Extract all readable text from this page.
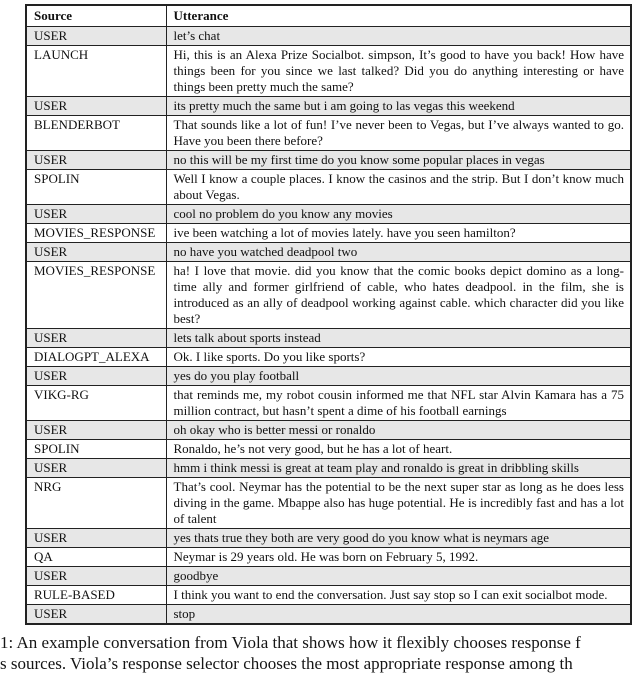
Source	Utterance
USER	let’s chat
LAUNCH	Hi, this is an Alexa Prize Socialbot. simpson, It’s good to have you back! How have things been for you since we last talked? Did you do anything interesting or have things been pretty much the same?
USER	its pretty much the same but i am going to las vegas this weekend
BLENDERBOT	That sounds like a lot of fun! I’ve never been to Vegas, but I’ve always wanted to go. Have you been there before?
USER	no this will be my first time do you know some popular places in vegas
SPOLIN	Well I know a couple places. I know the casinos and the strip. But I don’t know much about Vegas.
USER	cool no problem do you know any movies
MOVIES_RESPONSE	ive been watching a lot of movies lately. have you seen hamilton?
USER	no have you watched deadpool two
MOVIES_RESPONSE	ha! I love that movie. did you know that the comic books depict domino as a long-time ally and former girlfriend of cable, who hates deadpool. in the film, she is introduced as an ally of deadpool working against cable. which character did you like best?
USER	lets talk about sports instead
DIALOGPT_ALEXA	Ok. I like sports. Do you like sports?
USER	yes do you play football
VIKG-RG	that reminds me, my robot cousin informed me that NFL star Alvin Kamara has a 75 million contract, but hasn’t spent a dime of his football earnings
USER	oh okay who is better messi or ronaldo
SPOLIN	Ronaldo, he’s not very good, but he has a lot of heart.
USER	hmm i think messi is great at team play and ronaldo is great in dribbling skills
NRG	That’s cool. Neymar has the potential to be the next super star as long as he does less diving in the game. Mbappe also has huge potential. He is incredibly fast and has a lot of talent
USER	yes thats true they both are very good do you know what is neymars age
QA	Neymar is 29 years old. He was born on February 5, 1992.
USER	goodbye
RULE-BASED	I think you want to end the conversation. Just say stop so I can exit socialbot mode.
USER	stop
1: An example conversation from Viola that shows how it flexibly chooses response f
s sources. Viola’s response selector chooses the most appropriate response among th
